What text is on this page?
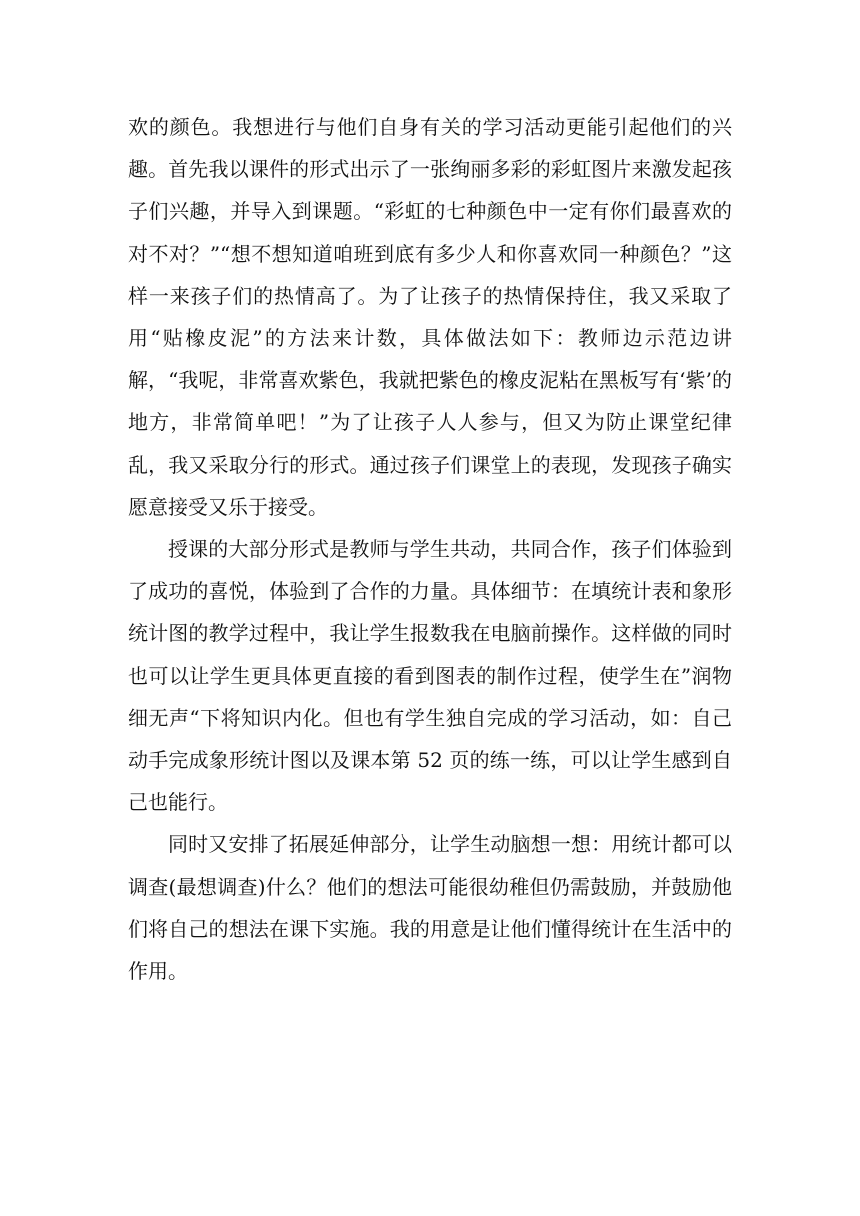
欢的颜色。我想进行与他们自身有关的学习活动更能引起他们的兴趣。首先我以课件的形式出示了一张绚丽多彩的彩虹图片来激发起孩子们兴趣，并导入到课题。“彩虹的七种颜色中一定有你们最喜欢的对不对？”“想不想知道咱班到底有多少人和你喜欢同一种颜色？”这样一来孩子们的热情高了。为了让孩子的热情保持住，我又采取了用“贴橡皮泥”的方法来计数，具体做法如下：教师边示范边讲解，“我呢，非常喜欢紫色，我就把紫色的橡皮泥粘在黑板写有‘紫’的地方，非常简单吧！”为了让孩子人人参与，但又为防止课堂纪律乱，我又采取分行的形式。通过孩子们课堂上的表现，发现孩子确实愿意接受又乐于接受。

授课的大部分形式是教师与学生共动，共同合作，孩子们体验到了成功的喜悦，体验到了合作的力量。具体细节：在填统计表和象形统计图的教学过程中，我让学生报数我在电脑前操作。这样做的同时也可以让学生更具体更直接的看到图表的制作过程，使学生在”润物细无声“下将知识内化。但也有学生独自完成的学习活动，如：自己动手完成象形统计图以及课本第 52 页的练一练，可以让学生感到自己也能行。

同时又安排了拓展延伸部分，让学生动脑想一想：用统计都可以调查(最想调查)什么？他们的想法可能很幼稚但仍需鼓励，并鼓励他们将自己的想法在课下实施。我的用意是让他们懂得统计在生活中的作用。
